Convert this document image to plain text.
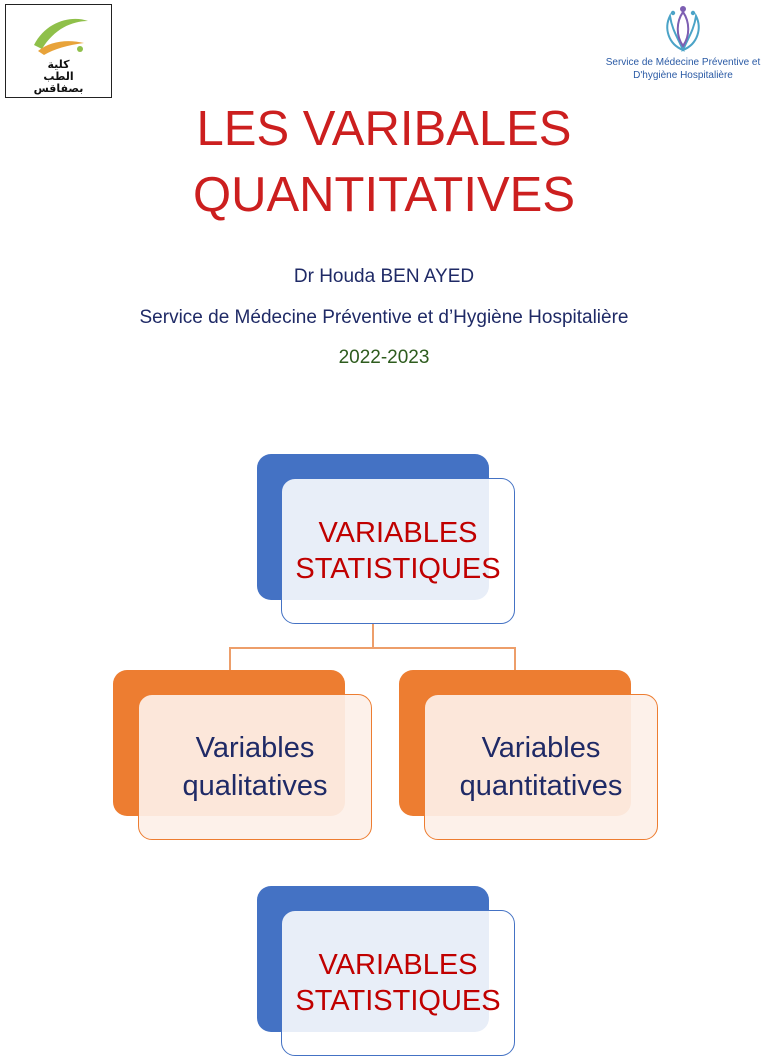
كلية
الطب
بصفاقس
Service de Médecine Préventive et
D'hygiène Hospitalière
LES VARIBALES
QUANTITATIVES
Dr Houda BEN AYED
Service de Médecine Préventive et d’Hygiène Hospitalière
2022-2023
VARIABLES
STATISTIQUES
Variables
qualitatives
Variables
quantitatives
VARIABLES
STATISTIQUES
